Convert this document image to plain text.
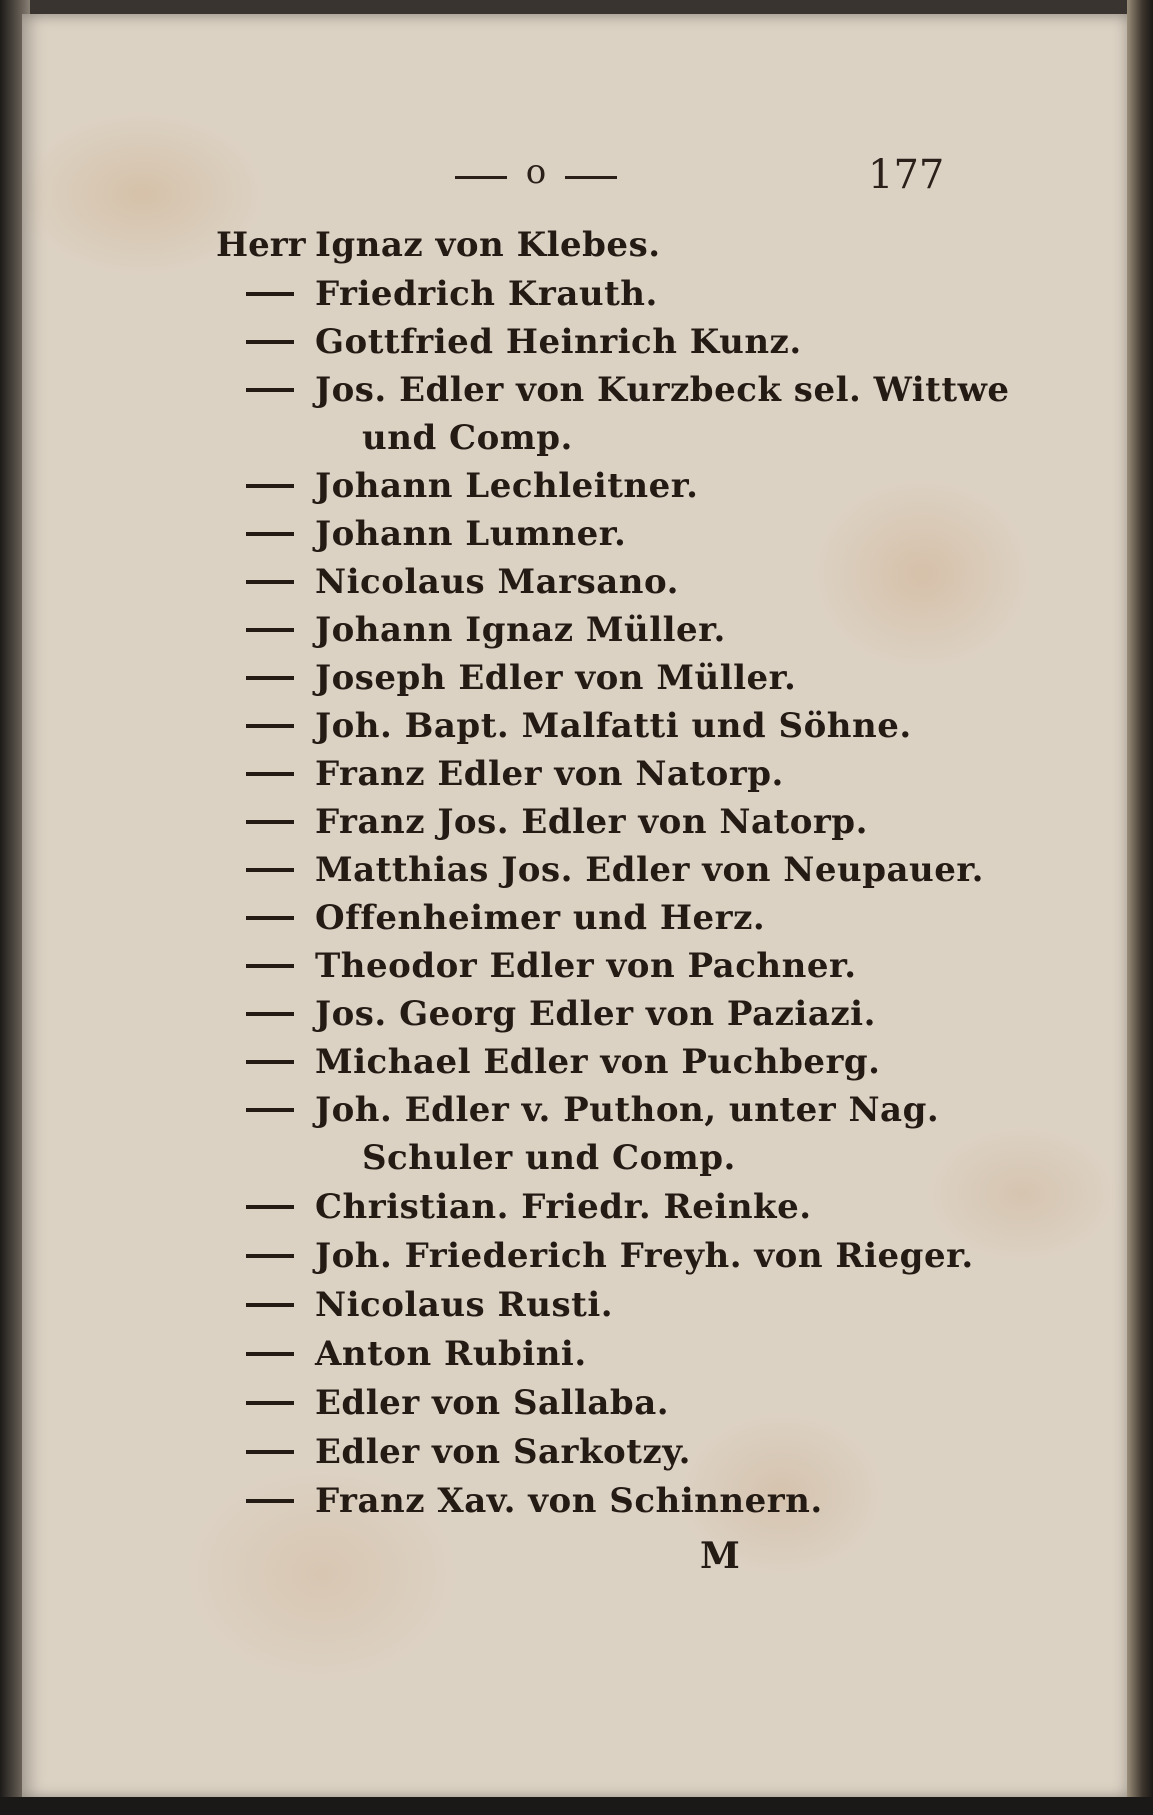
o	177
Herr Ignaz von Klebes.
Friedrich Krauth.
Gottfried Heinrich Kunz.
Jos. Edler von Kurzbeck sel. Wittwe
und Comp.
Johann Lechleitner.
Johann Lumner.
Nicolaus Marsano.
Johann Ignaz Müller.
Joseph Edler von Müller.
Joh. Bapt. Malfatti und Söhne.
Franz Edler von Natorp.
Franz Jos. Edler von Natorp.
Matthias Jos. Edler von Neupauer.
Offenheimer und Herz.
Theodor Edler von Pachner.
Jos. Georg Edler von Paziazi.
Michael Edler von Puchberg.
Joh. Edler v. Puthon, unter Nag.
Schuler und Comp.
Christian. Friedr. Reinke.
Joh. Friederich Freyh. von Rieger.
Nicolaus Rusti.
Anton Rubini.
Edler von Sallaba.
Edler von Sarkotzy.
Franz Xav. von Schinnern.
M
